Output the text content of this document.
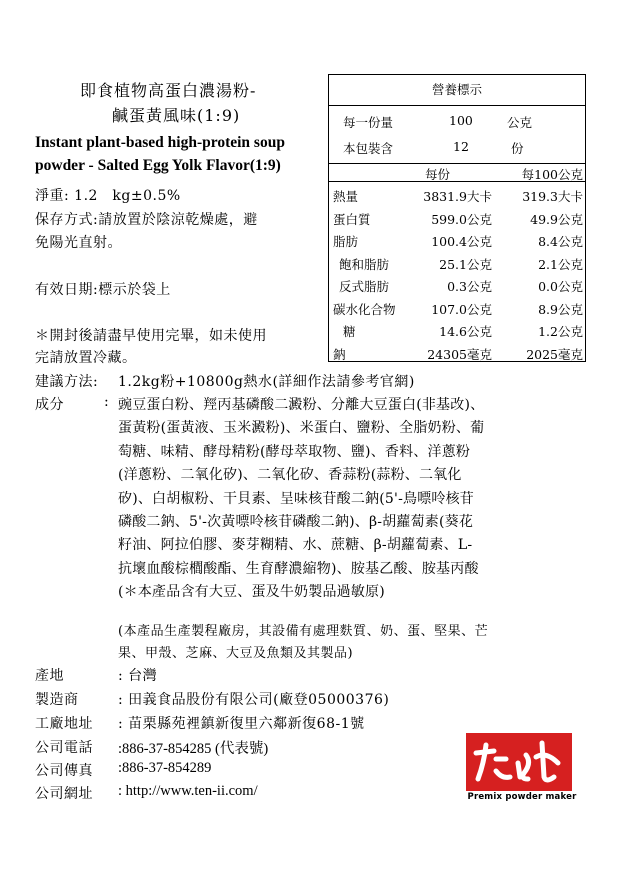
即食植物高蛋白濃湯粉-
鹹蛋黃風味(1:9)
Instant plant-based high-protein soup
powder - Salted Egg Yolk Flavor(1:9)
淨重: 1.2　kg±0.5%
保存方式:請放置於陰涼乾燥處，避
免陽光直射。
有效日期:標示於袋上
＊開封後請盡早使用完畢，如未使用
完請放置冷藏。
營養標示
每一份量	100	公克
本包裝含	12	份
每份	每100公克
熱量	3831.9大卡 319.3大卡
蛋白質	599.0公克	49.9公克
脂肪	100.4公克	8.4公克
飽和脂肪	25.1公克	2.1公克
反式脂肪	0.3公克	0.0公克
碳水化合物	107.0公克	8.9公克
糖	14.6公克	1.2公克
鈉	24305毫克	2025毫克
建議方法: 1.2kg粉+10800g熱水(詳細作法請參考官網)
成分	: 豌豆蛋白粉、羥丙基磷酸二澱粉、分離大豆蛋白(非基改)、
蛋黃粉(蛋黃液、玉米澱粉)、米蛋白、鹽粉、全脂奶粉、葡
萄糖、味精、酵母精粉(酵母萃取物、鹽)、香料、洋蔥粉
(洋蔥粉、二氧化矽)、二氧化矽、香蒜粉(蒜粉、二氧化
矽)、白胡椒粉、干貝素、呈味核苷酸二鈉(5'-鳥嘌呤核苷
磷酸二鈉、5'-次黃嘌呤核苷磷酸二鈉)、β-胡蘿蔔素(葵花
籽油、阿拉伯膠、麥芽糊精、水、蔗糖、β-胡蘿蔔素、L-
抗壞血酸棕櫚酸酯、生育酵濃縮物)、胺基乙酸、胺基丙酸
(＊本產品含有大豆、蛋及牛奶製品過敏原)
(本產品生產製程廠房，其設備有處理麩質、奶、蛋、堅果、芒
果、甲殼、芝麻、大豆及魚類及其製品)
產地	: 台灣
製造商	: 田義食品股份有限公司(廠登05000376)
工廠地址 : 苗栗縣苑裡鎮新復里六鄰新復68-1號
公司電話 :886-37-854285 (代表號)
公司傳真 :886-37-854289
公司網址 : http://www.ten-ii.com/	Premix powder maker
